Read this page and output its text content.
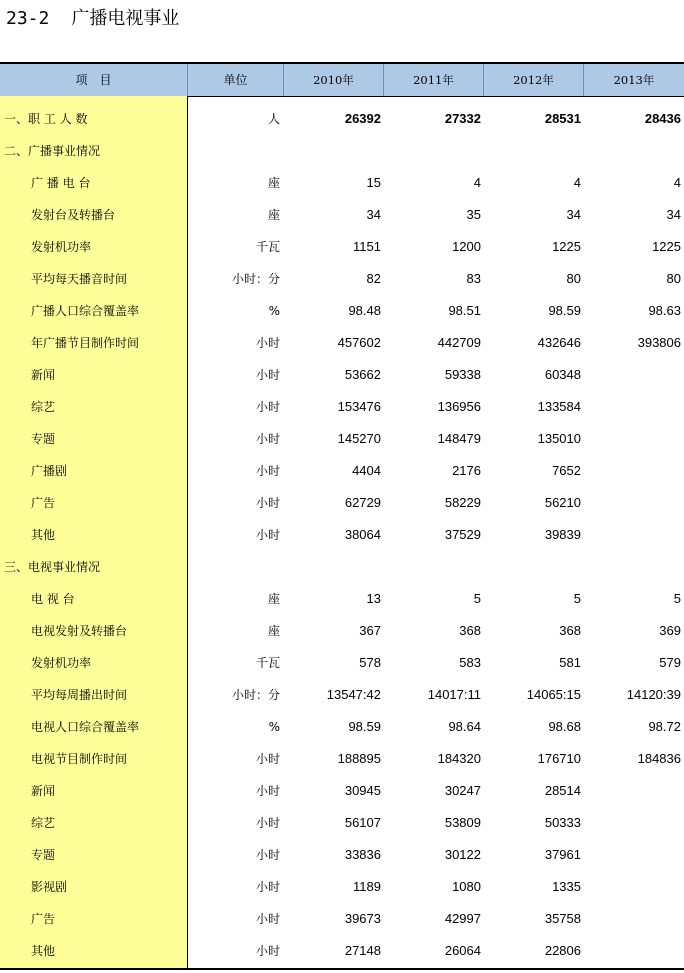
23-2 广播电视事业
项　目	单位	2010年	2011年	2012年	2013年
一、职 工 人 数	人	26392	27332	28531	28436
二、广播事业情况
广 播 电 台	座	15	4	4	4
发射台及转播台	座	34	35	34	34
发射机功率	千瓦	1151	1200	1225	1225
平均每天播音时间	小时：分	82	83	80	80
广播人口综合覆盖率	%	98.48	98.51	98.59	98.63
年广播节目制作时间	小时	457602	442709	432646	393806
新闻	小时	53662	59338	60348
综艺	小时	153476	136956	133584
专题	小时	145270	148479	135010
广播剧	小时	4404	2176	7652
广告	小时	62729	58229	56210
其他	小时	38064	37529	39839
三、电视事业情况
电 视 台	座	13	5	5	5
电视发射及转播台	座	367	368	368	369
发射机功率	千瓦	578	583	581	579
平均每周播出时间	小时：分	13547:42	14017:11	14065:15	14120:39
电视人口综合覆盖率	%	98.59	98.64	98.68	98.72
电视节目制作时间	小时	188895	184320	176710	184836
新闻	小时	30945	30247	28514
综艺	小时	56107	53809	50333
专题	小时	33836	30122	37961
影视剧	小时	1189	1080	1335
广告	小时	39673	42997	35758
其他	小时	27148	26064	22806
